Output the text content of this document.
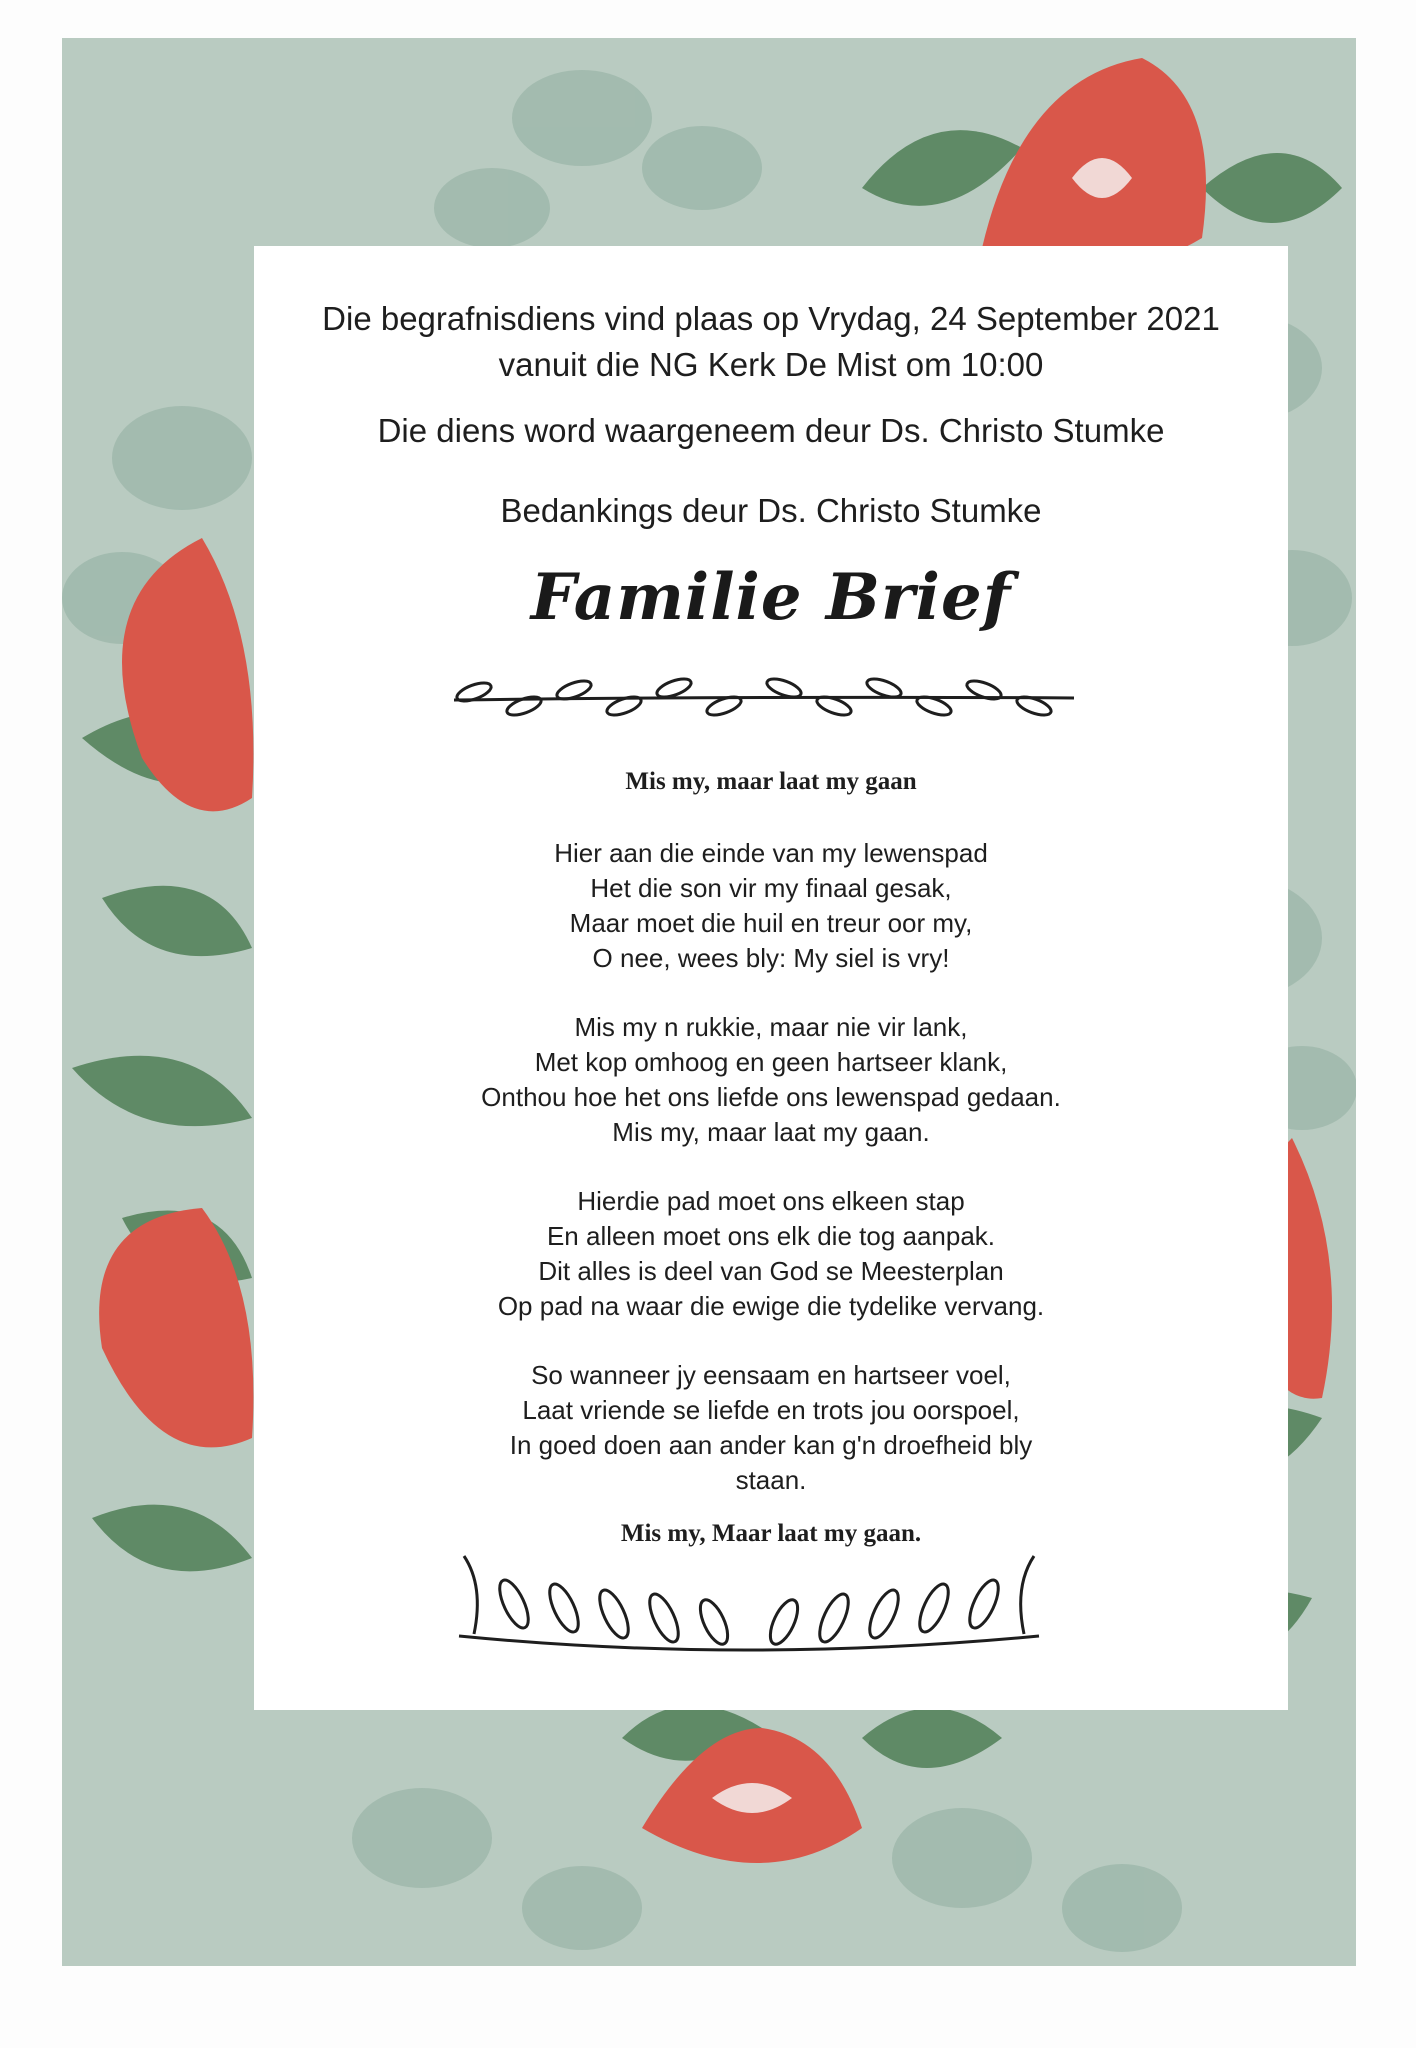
Die begrafnisdiens vind plaas op Vrydag, 24 September 2021
vanuit die NG Kerk De Mist om 10:00

Die diens word waargeneem deur Ds. Christo Stumke

Bedankings deur Ds. Christo Stumke

Familie Brief
Mis my, maar laat my gaan

Hier aan die einde van my lewenspad
Het die son vir my finaal gesak,
Maar moet die huil en treur oor my,
O nee, wees bly: My siel is vry!

Mis my n rukkie, maar nie vir lank,
Met kop omhoog en geen hartseer klank,
Onthou hoe het ons liefde ons lewenspad gedaan.
Mis my, maar laat my gaan.

Hierdie pad moet ons elkeen stap
En alleen moet ons elk die tog aanpak.
Dit alles is deel van God se Meesterplan
Op pad na waar die ewige die tydelike vervang.

So wanneer jy eensaam en hartseer voel,
Laat vriende se liefde en trots jou oorspoel,
In goed doen aan ander kan g'n droefheid bly
staan.

Mis my, Maar laat my gaan.
